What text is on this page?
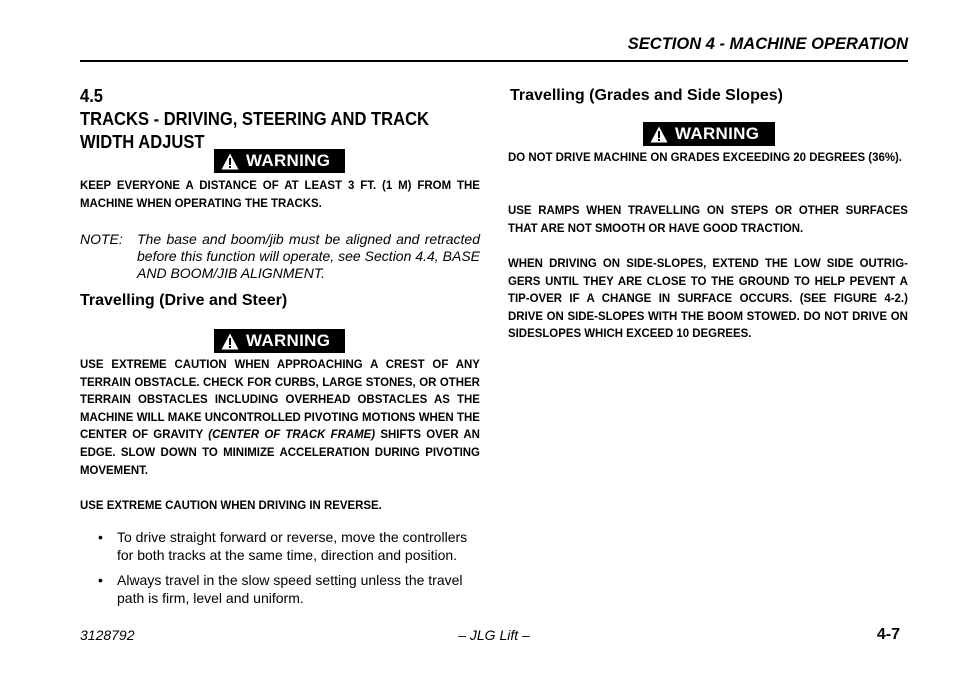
SECTION 4 - MACHINE OPERATION
4.5TRACKS - DRIVING, STEERING AND TRACK WIDTH ADJUST
WARNING
KEEP EVERYONE A DISTANCE OF AT LEAST 3 FT. (1 M) FROM THE MACHINE WHEN OPERATING THE TRACKS.
NOTE: The base and boom/jib must be aligned and retracted before this function will operate, see Section 4.4, BASE AND BOOM/JIB ALIGNMENT.
Travelling (Drive and Steer)
WARNING
USE EXTREME CAUTION WHEN APPROACHING A CREST OF ANY TERRAIN OBSTACLE. CHECK FOR CURBS, LARGE STONES, OR OTHER TERRAIN OBSTACLES INCLUDING OVERHEAD OBSTACLES AS THE MACHINE WILL MAKE UNCONTROLLED PIVOTING MOTIONS WHEN THE CENTER OF GRAVITY (CENTER OF TRACK FRAME) SHIFTS OVER AN EDGE. SLOW DOWN TO MINIMIZE ACCELERATION DURING PIVOTING MOVEMENT.
USE EXTREME CAUTION WHEN DRIVING IN REVERSE.
• To drive straight forward or reverse, move the controllers for both tracks at the same time, direction and position.
• Always travel in the slow speed setting unless the travel path is firm, level and uniform.
Travelling (Grades and Side Slopes)
WARNING
DO NOT DRIVE MACHINE ON GRADES EXCEEDING 20 DEGREES (36%).
USE RAMPS WHEN TRAVELLING ON STEPS OR OTHER SURFACES THAT ARE NOT SMOOTH OR HAVE GOOD TRACTION.
WHEN DRIVING ON SIDE-SLOPES, EXTEND THE LOW SIDE OUTRIG- GERS UNTIL THEY ARE CLOSE TO THE GROUND TO HELP PEVENT A TIP-OVER IF A CHANGE IN SURFACE OCCURS. (SEE FIGURE 4-2.) DRIVE ON SIDE-SLOPES WITH THE BOOM STOWED. DO NOT DRIVE ON SIDESLOPES WHICH EXCEED 10 DEGREES.
3128792	– JLG Lift –	4-7
